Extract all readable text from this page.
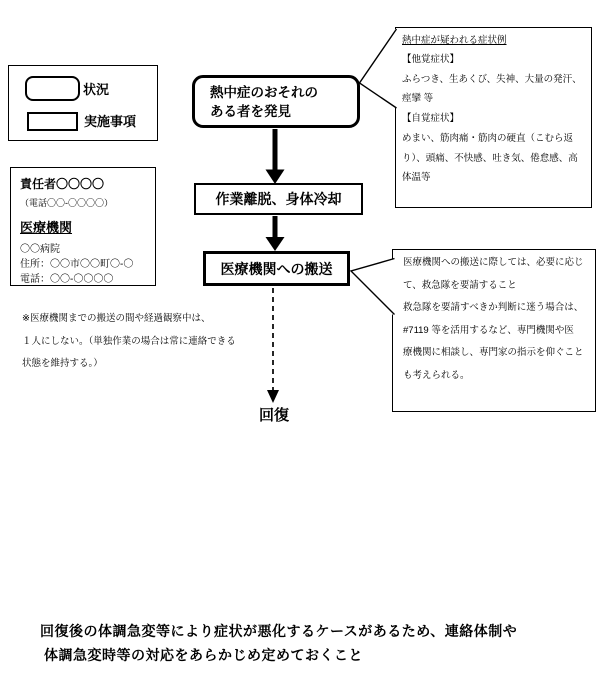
状況
実施事項
熱中症のおそれの
ある者を発見
作業離脱、身体冷却
医療機関への搬送
回復
責任者〇〇〇〇
（電話〇〇-〇〇〇〇）
医療機関
〇〇病院
住所：〇〇市〇〇町〇-〇
電話：〇〇-〇〇〇〇
※医療機関までの搬送の間や経過観察中は、
１人にしない。（単独作業の場合は常に連絡できる
状態を維持する。）
熱中症が疑われる症状例
【他覚症状】
ふらつき、生あくび、失神、大量の発汗、
痙攣 等
【自覚症状】
めまい、筋肉痛・筋肉の硬直（こむら返
り）、頭痛、不快感、吐き気、倦怠感、高
体温等
医療機関への搬送に際しては、必要に応じ
て、救急隊を要請すること
救急隊を要請すべきか判断に迷う場合は、
#7119 等を活用するなど、専門機関や医
療機関に相談し、専門家の指示を仰ぐこと
も考えられる。
回復後の体調急変等により症状が悪化するケースがあるため、連絡体制や
体調急変時等の対応をあらかじめ定めておくこと
